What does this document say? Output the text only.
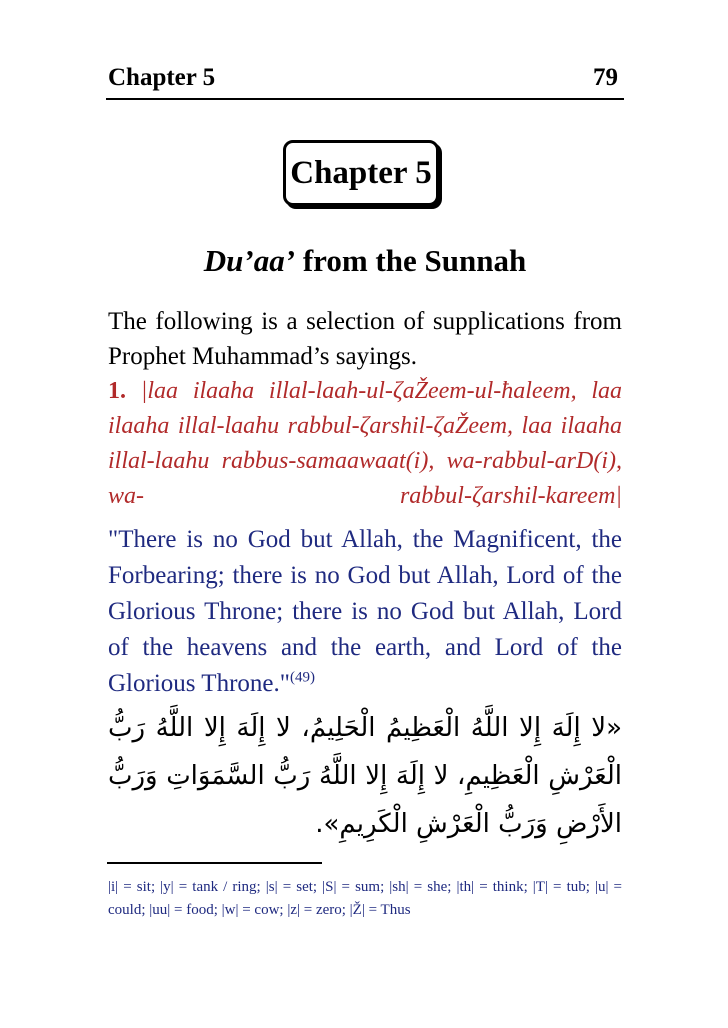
Chapter 5	79
Chapter 5
Du’aa’ from the Sunnah
The following is a selection of supplications from Prophet Muhammad’s sayings.
1. |laa ilaaha illal-laah-ul-ζaŽeem-ul-ħaleem, laa ilaaha illal-laahu rabbul-ζarshil-ζaŽeem, laa ilaaha illal-laahu rabbus-samaawaat(i), wa-rabbul-arD(i), wa- rabbul-ζarshil-kareem|
"There is no God but Allah, the Magnificent, the Forbearing; there is no God but Allah, Lord of the Glorious Throne; there is no God but Allah, Lord of the heavens and the earth, and Lord of the Glorious Throne."$^{(49)}$
«لا إِلَهَ إِلا اللَّهُ الْعَظِيمُ الْحَلِيمُ، لا إِلَهَ إِلا اللَّهُ رَبُّ الْعَرْشِ الْعَظِيمِ، لا إِلَهَ إِلا اللَّهُ رَبُّ السَّمَوَاتِ وَرَبُّ الأَرْضِ وَرَبُّ الْعَرْشِ الْكَرِيمِ».
|i| = sit; |y| = tank / ring; |s| = set; |S| = sum; |sh| = she; |th| = think; |T| = tub; |u| = could; |uu| = food; |w| = cow; |z| = zero; |Ž| = Thus
